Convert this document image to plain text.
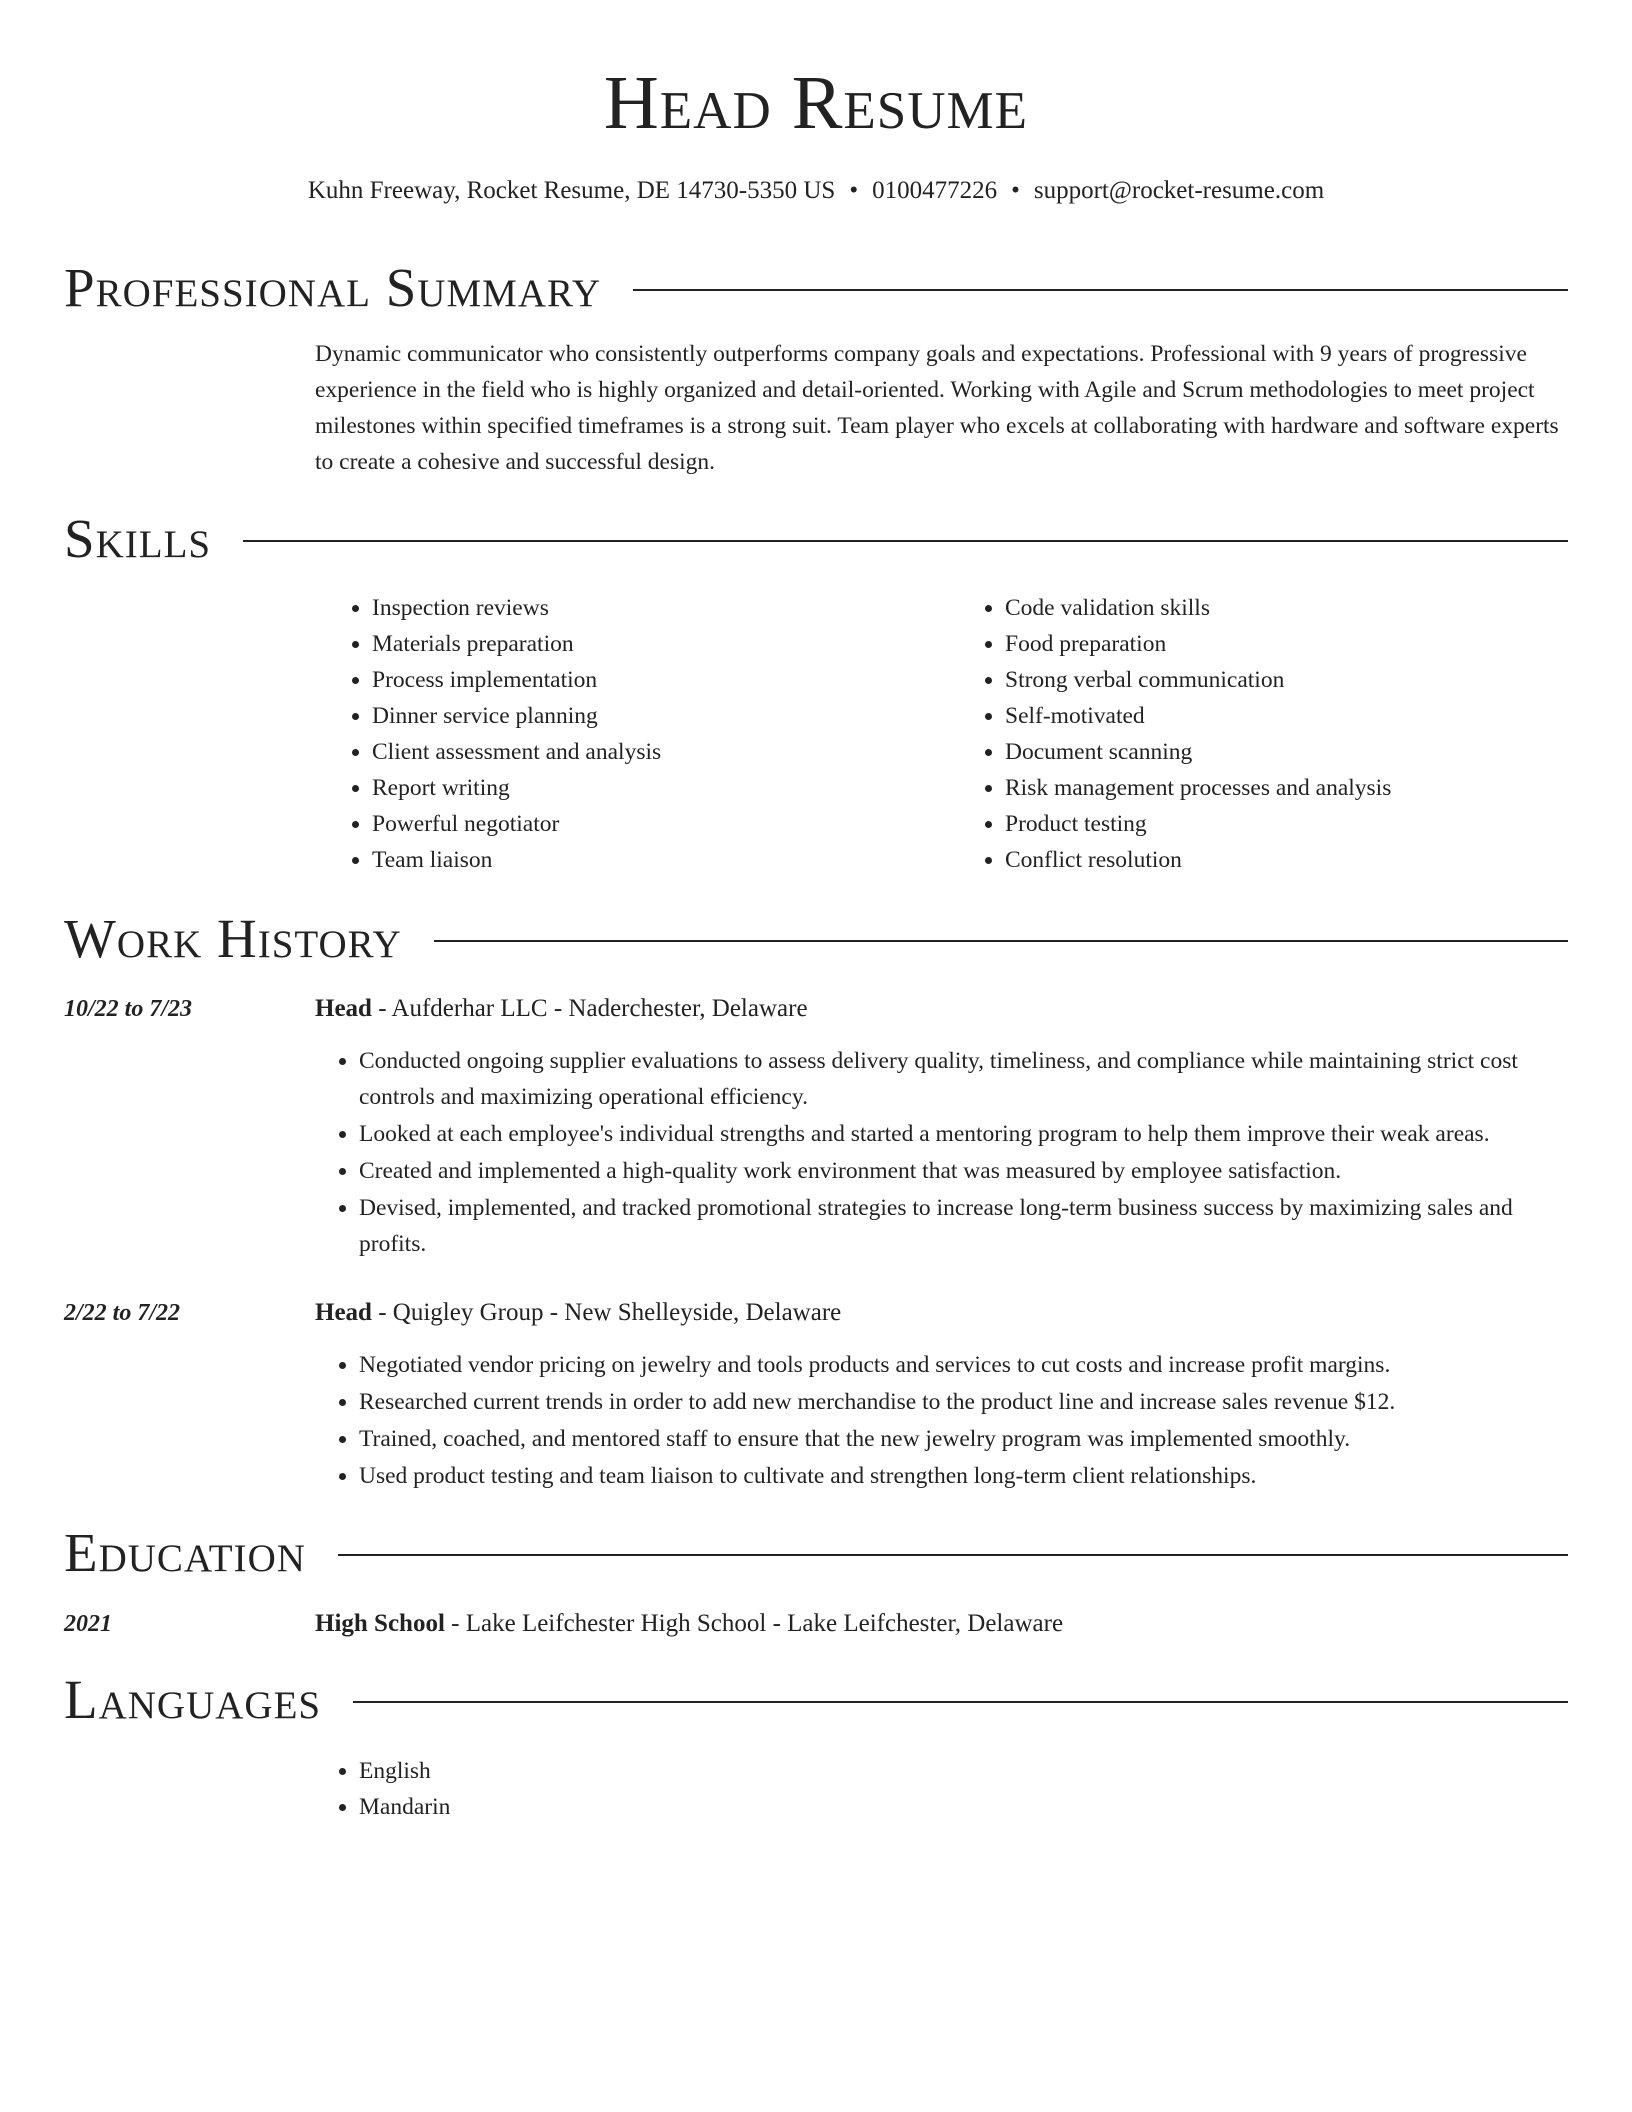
Head Resume
Kuhn Freeway, Rocket Resume, DE 14730-5350 US • 0100477226 • support@rocket-resume.com
Professional Summary

Dynamic communicator who consistently outperforms company goals and expectations. Professional with 9 years of progressive experience in the field who is highly organized and detail-oriented. Working with Agile and Scrum methodologies to meet project milestones within specified timeframes is a strong suit. Team player who excels at collaborating with hardware and software experts to create a cohesive and successful design.

Skills
• Inspection reviews
• Materials preparation
• Process implementation
• Dinner service planning
• Client assessment and analysis
• Report writing
• Powerful negotiator
• Team liaison
• Code validation skills
• Food preparation
• Strong verbal communication
• Self-motivated
• Document scanning
• Risk management processes and analysis
• Product testing
• Conflict resolution
Work History
10/22 to 7/23	Head - Aufderhar LLC - Naderchester, Delaware
• Conducted ongoing supplier evaluations to assess delivery quality, timeliness, and compliance while maintaining strict cost controls and maximizing operational efficiency.
• Looked at each employee's individual strengths and started a mentoring program to help them improve their weak areas.
• Created and implemented a high-quality work environment that was measured by employee satisfaction.
• Devised, implemented, and tracked promotional strategies to increase long-term business success by maximizing sales and profits.
2/22 to 7/22	Head - Quigley Group - New Shelleyside, Delaware
• Negotiated vendor pricing on jewelry and tools products and services to cut costs and increase profit margins.
• Researched current trends in order to add new merchandise to the product line and increase sales revenue $12.
• Trained, coached, and mentored staff to ensure that the new jewelry program was implemented smoothly.
• Used product testing and team liaison to cultivate and strengthen long-term client relationships.
Education
2021	High School - Lake Leifchester High School - Lake Leifchester, Delaware
Languages
• English
• Mandarin
